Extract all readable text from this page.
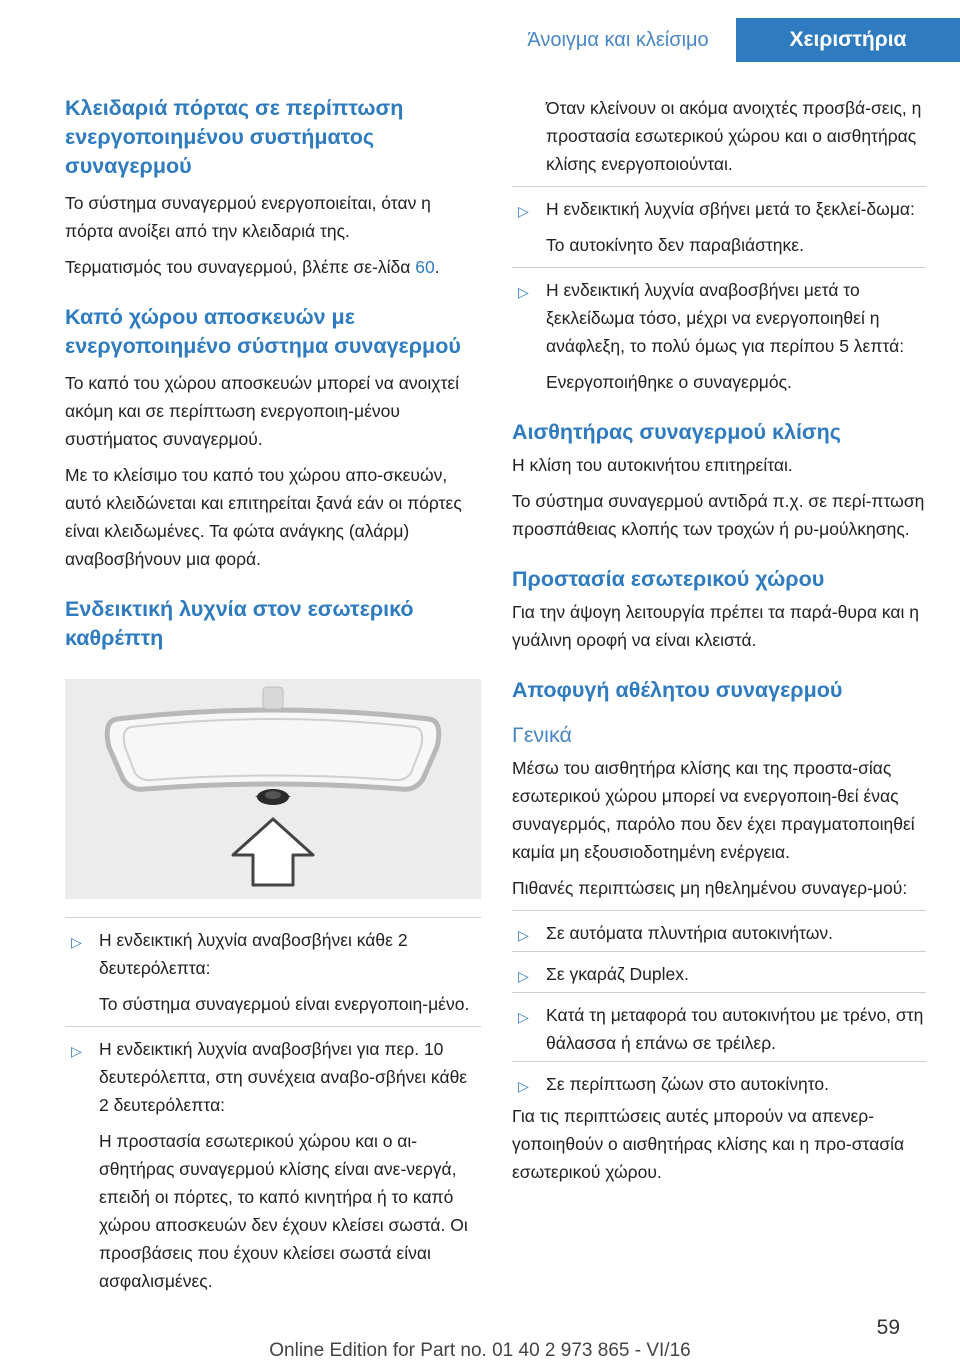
Άνοιγμα και κλείσιμο	Χειριστήρια
Κλειδαριά πόρτας σε περίπτωση ενεργοποιημένου συστήματος συναγερμού

Το σύστημα συναγερμού ενεργοποιείται, όταν η πόρτα ανοίξει από την κλειδαριά της.

Τερματισμός του συναγερμού, βλέπε σε-λίδα 60.

Καπό χώρου αποσκευών με ενεργοποιημένο σύστημα συναγερμού

Το καπό του χώρου αποσκευών μπορεί να ανοιχτεί ακόμη και σε περίπτωση ενεργοποιη-μένου συστήματος συναγερμού.

Με το κλείσιμο του καπό του χώρου απο-σκευών, αυτό κλειδώνεται και επιτηρείται ξανά εάν οι πόρτες είναι κλειδωμένες. Τα φώτα ανάγκης (αλάρμ) αναβοσβήνουν μια φορά.

Ενδεικτική λυχνία στον εσωτερικό καθρέπτη
▷ Η ενδεικτική λυχνία αναβοσβήνει κάθε 2 δευτερόλεπτα:

Το σύστημα συναγερμού είναι ενεργοποιη-μένο.

▷ Η ενδεικτική λυχνία αναβοσβήνει για περ. 10 δευτερόλεπτα, στη συνέχεια αναβο-σβήνει κάθε 2 δευτερόλεπτα:

Η προστασία εσωτερικού χώρου και ο αι-σθητήρας συναγερμού κλίσης είναι ανε-νεργά, επειδή οι πόρτες, το καπό κινητήρα ή το καπό χώρου αποσκευών δεν έχουν κλείσει σωστά. Οι προσβάσεις που έχουν κλείσει σωστά είναι ασφαλισμένες.

Όταν κλείνουν οι ακόμα ανοιχτές προσβά-σεις, η προστασία εσωτερικού χώρου και ο αισθητήρας κλίσης ενεργοποιούνται.

▷ Η ενδεικτική λυχνία σβήνει μετά το ξεκλεί-δωμα:

Το αυτοκίνητο δεν παραβιάστηκε.

▷ Η ενδεικτική λυχνία αναβοσβήνει μετά το ξεκλείδωμα τόσο, μέχρι να ενεργοποιηθεί η ανάφλεξη, το πολύ όμως για περίπου 5 λεπτά:

Ενεργοποιήθηκε ο συναγερμός.

Αισθητήρας συναγερμού κλίσης

Η κλίση του αυτοκινήτου επιτηρείται.

Το σύστημα συναγερμού αντιδρά π.χ. σε περί-πτωση προσπάθειας κλοπής των τροχών ή ρυ-μούλκησης.

Προστασία εσωτερικού χώρου

Για την άψογη λειτουργία πρέπει τα παρά-θυρα και η γυάλινη οροφή να είναι κλειστά.

Αποφυγή αθέλητου συναγερμού
Γενικά

Μέσω του αισθητήρα κλίσης και της προστα-σίας εσωτερικού χώρου μπορεί να ενεργοποιη-θεί ένας συναγερμός, παρόλο που δεν έχει πραγματοποιηθεί καμία μη εξουσιοδοτημένη ενέργεια.

Πιθανές περιπτώσεις μη ηθελημένου συναγερ-μού:

▷ Σε αυτόματα πλυντήρια αυτοκινήτων.

▷ Σε γκαράζ Duplex.

▷ Κατά τη μεταφορά του αυτοκινήτου με τρένο, στη θάλασσα ή επάνω σε τρέιλερ.

▷ Σε περίπτωση ζώων στο αυτοκίνητο.

Για τις περιπτώσεις αυτές μπορούν να απενερ-γοποιηθούν ο αισθητήρας κλίσης και η προ-στασία εσωτερικού χώρου.

59
Online Edition for Part no. 01 40 2 973 865 - VI/16
